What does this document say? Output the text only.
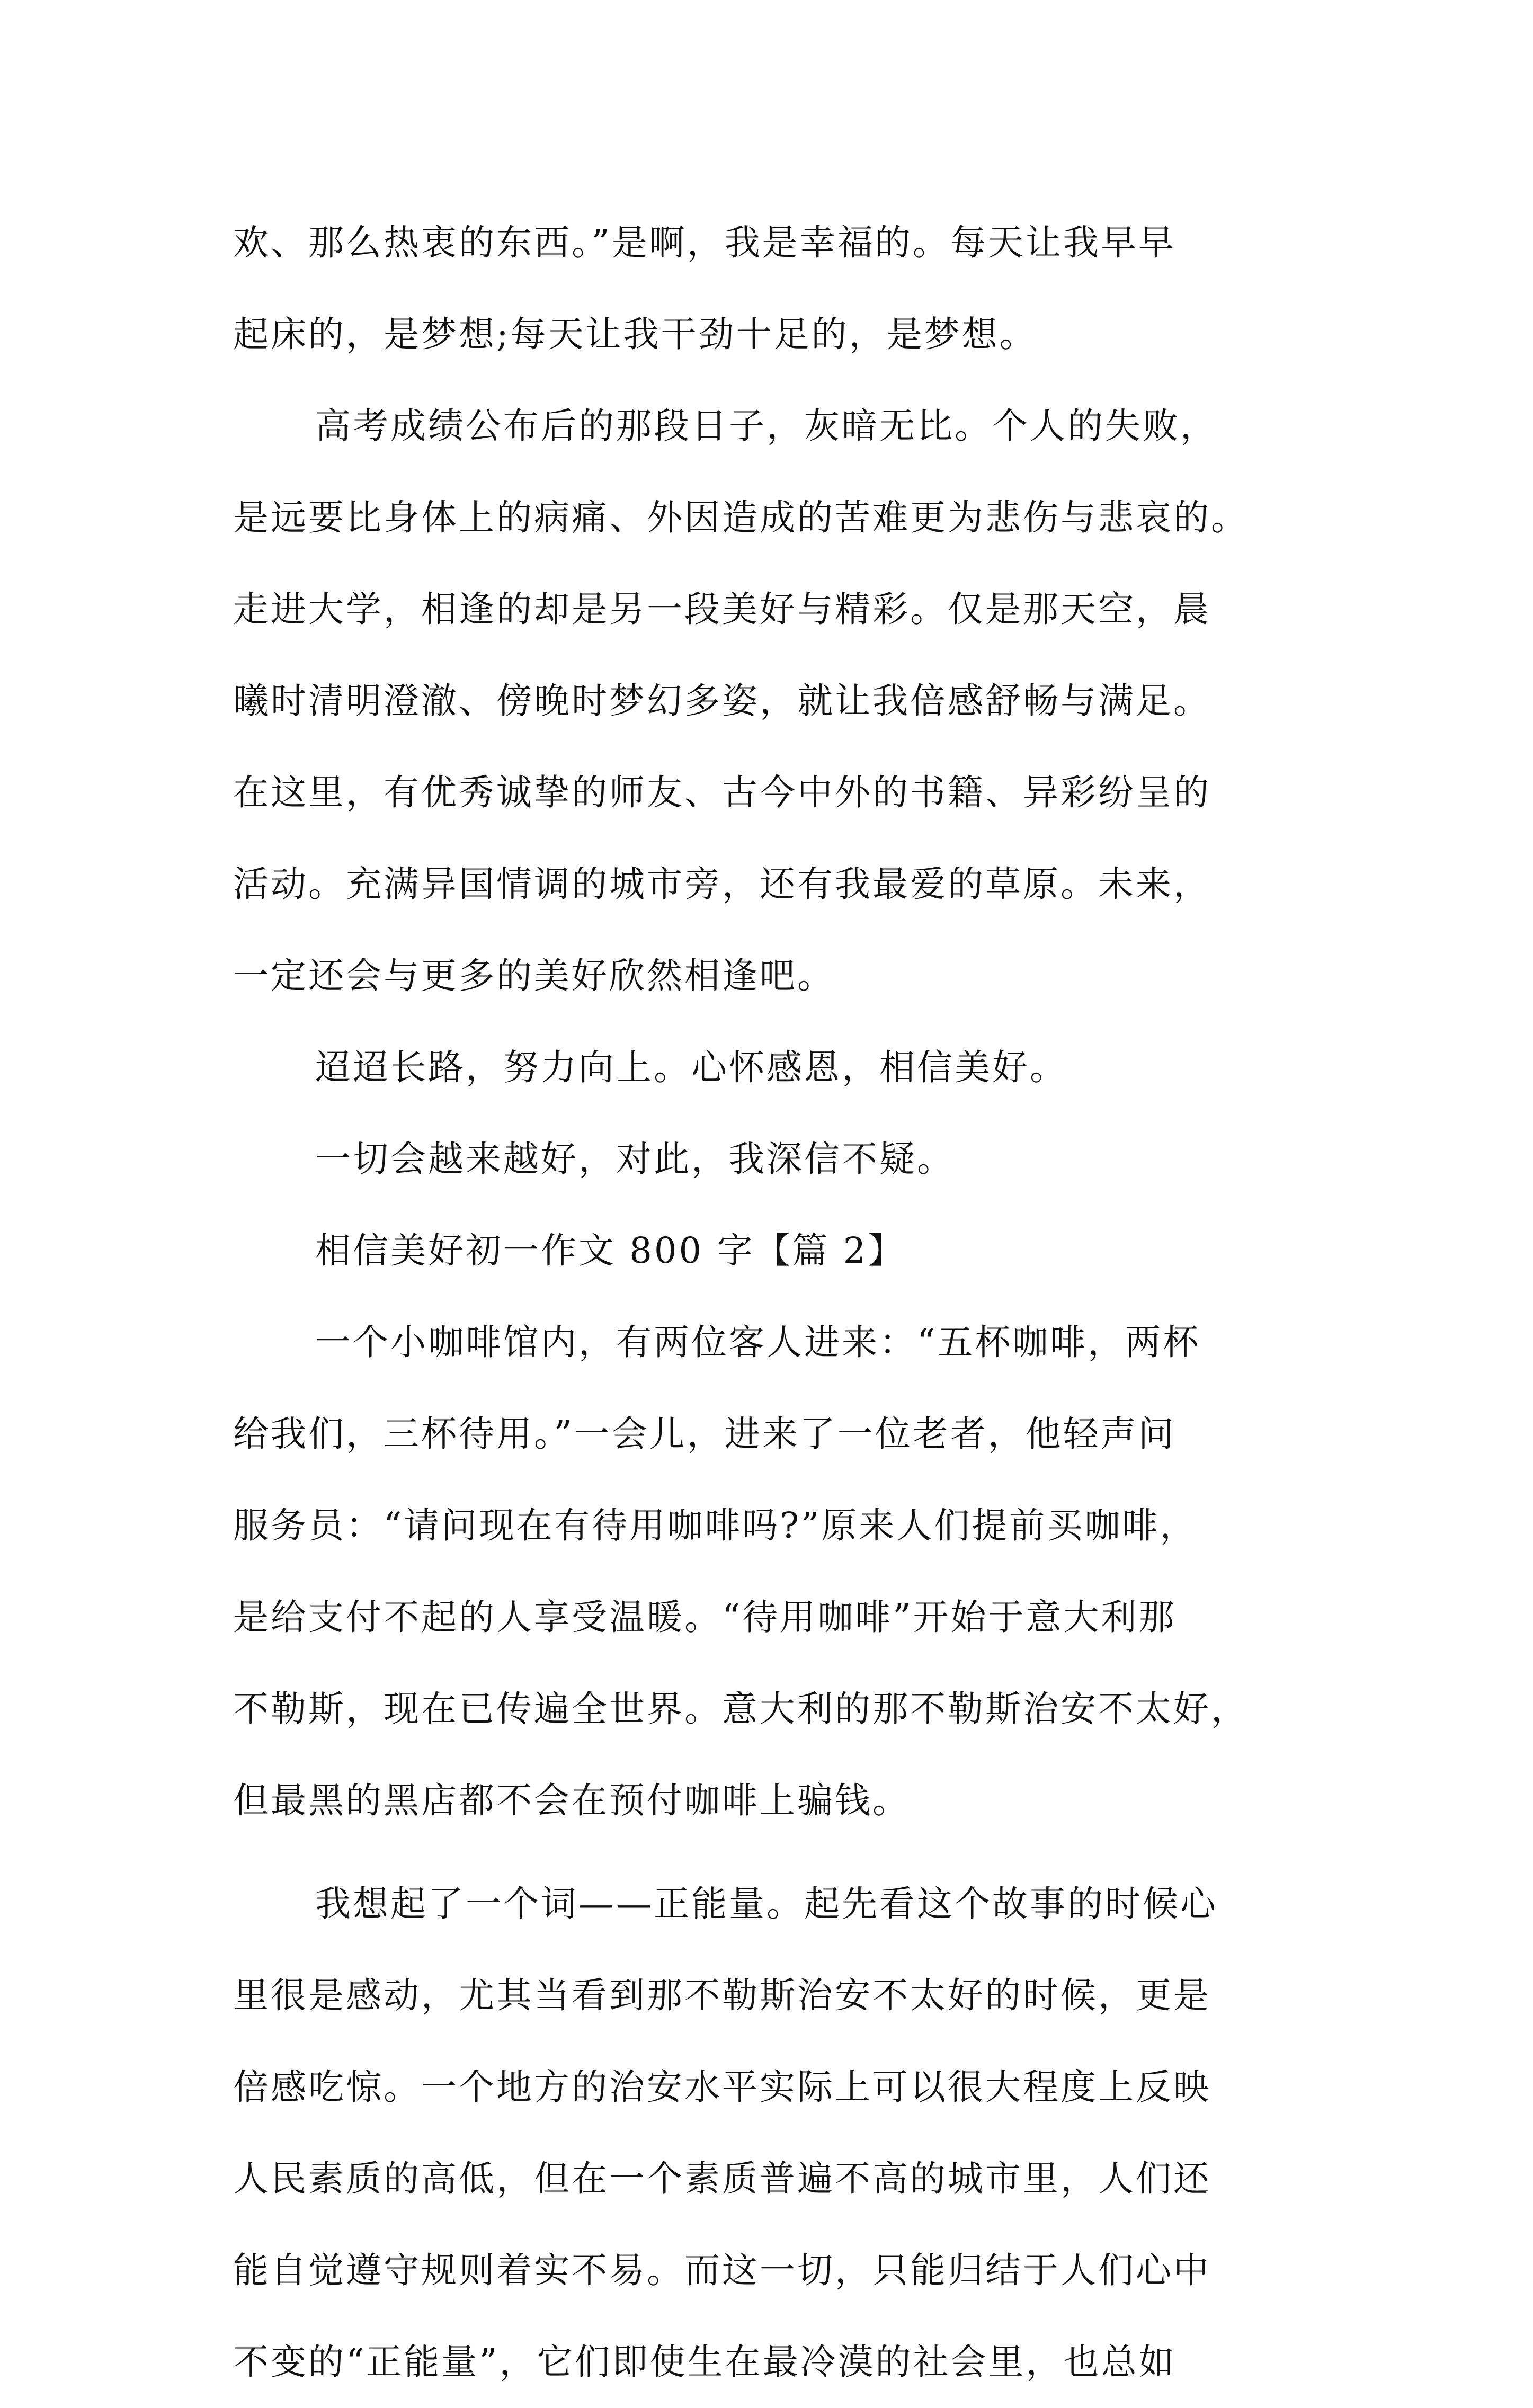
欢、那么热衷的东西。”是啊，我是幸福的。每天让我早早
起床的，是梦想;每天让我干劲十足的，是梦想。
高考成绩公布后的那段日子，灰暗无比。个人的失败，
是远要比身体上的病痛、外因造成的苦难更为悲伤与悲哀的。
走进大学，相逢的却是另一段美好与精彩。仅是那天空，晨
曦时清明澄澈、傍晚时梦幻多姿，就让我倍感舒畅与满足。
在这里，有优秀诚挚的师友、古今中外的书籍、异彩纷呈的
活动。充满异国情调的城市旁，还有我最爱的草原。未来，
一定还会与更多的美好欣然相逢吧。
迢迢长路，努力向上。心怀感恩，相信美好。
一切会越来越好，对此，我深信不疑。
相信美好初一作文 800 字【篇 2】
一个小咖啡馆内，有两位客人进来：“五杯咖啡，两杯
给我们，三杯待用。”一会儿，进来了一位老者，他轻声问
服务员：“请问现在有待用咖啡吗?”原来人们提前买咖啡，
是给支付不起的人享受温暖。“待用咖啡”开始于意大利那
不勒斯，现在已传遍全世界。意大利的那不勒斯治安不太好，
但最黑的黑店都不会在预付咖啡上骗钱。
我想起了一个词——正能量。起先看这个故事的时候心
里很是感动，尤其当看到那不勒斯治安不太好的时候，更是
倍感吃惊。一个地方的治安水平实际上可以很大程度上反映
人民素质的高低，但在一个素质普遍不高的城市里，人们还
能自觉遵守规则着实不易。而这一切，只能归结于人们心中
不变的“正能量”，它们即使生在最冷漠的社会里，也总如
